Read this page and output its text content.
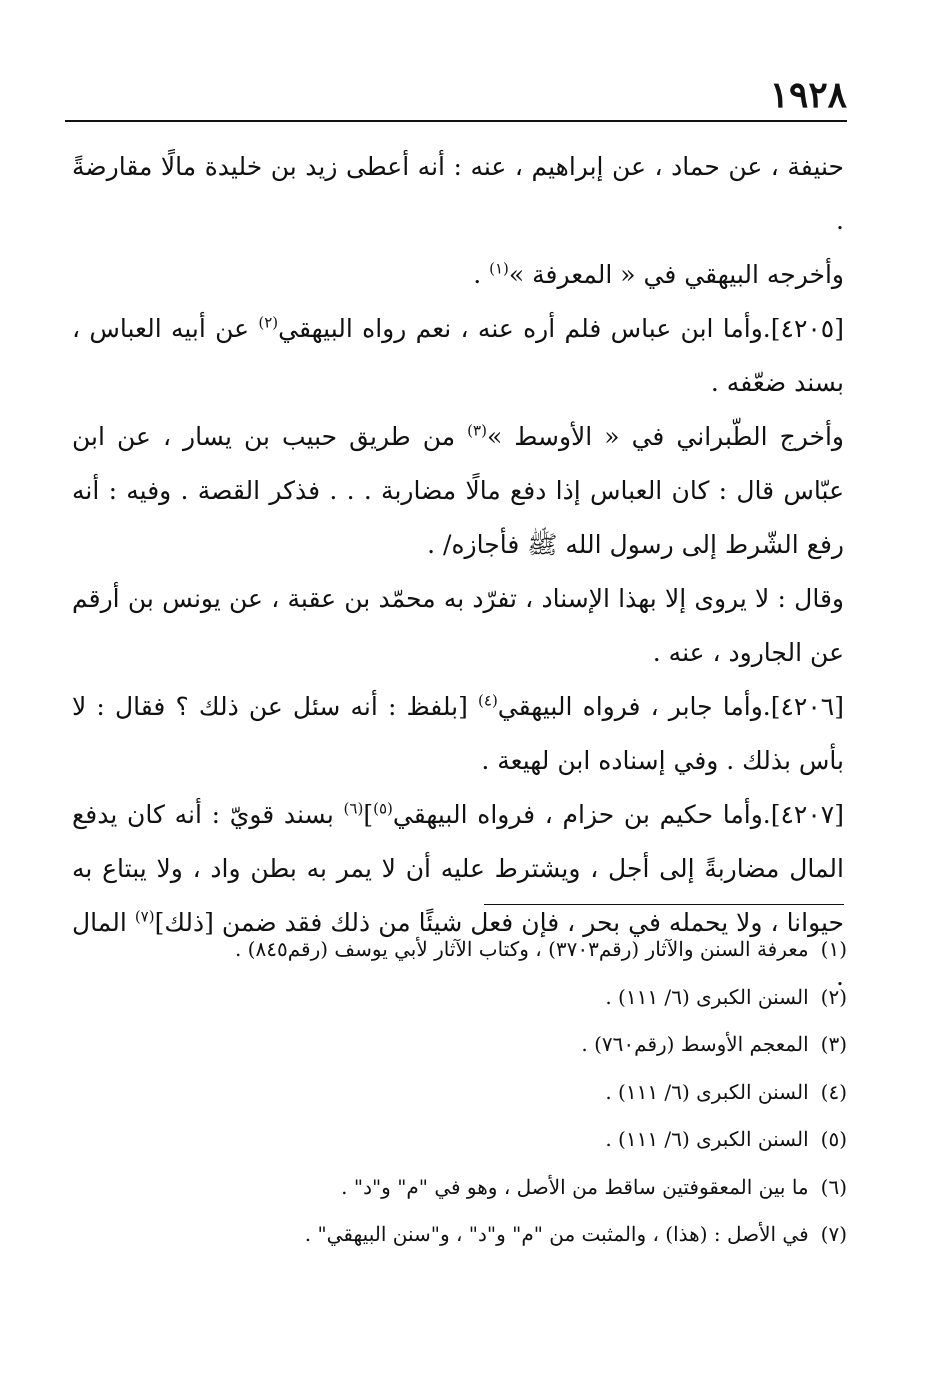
١٩٢٨

حنيفة ، عن حماد ، عن إبراهيم ، عنه : أنه أعطى زيد بن خليدة مالًا مقارضةً .

وأخرجه البيهقي في « المعرفة »$^{(١)}$ .

[٤٢٠٥].وأما ابن عباس فلم أره عنه ، نعم رواه البيهقي$^{(٢)}$ عن أبيه العباس ، بسند ضعّفه .

وأخرج الطّبراني في « الأوسط »$^{(٣)}$ من طريق حبيب بن يسار ، عن ابن عبّاس قال : كان العباس إذا دفع مالًا مضاربة . . . فذكر القصة . وفيه : أنه رفع الشّرط إلى رسول الله ﷺ فأجازه/ .

وقال : لا يروى إلا بهذا الإسناد ، تفرّد به محمّد بن عقبة ، عن يونس بن أرقم عن الجارود ، عنه .

[٤٢٠٦].وأما جابر ، فرواه البيهقي$^{(٤)}$ [بلفظ : أنه سئل عن ذلك ؟ فقال : لا بأس بذلك . وفي إسناده ابن لهيعة .

[٤٢٠٧].وأما حكيم بن حزام ، فرواه البيهقي$^{(٥)}$]$^{(٦)}$ بسند قويّ : أنه كان يدفع المال مضاربةً إلى أجل ، ويشترط عليه أن لا يمر به بطن واد ، ولا يبتاع به حيوانا ، ولا يحمله في بحر ، فإن فعل شيئًا من ذلك فقد ضمن [ذلك]$^{(٧)}$ المال .

(١) معرفة السنن والآثار (رقم٣٧٠٣) ، وكتاب الآثار لأبي يوسف (رقم٨٤٥) .

(٢) السنن الكبرى (٦/ ١١١) .

(٣) المعجم الأوسط (رقم٧٦٠) .

(٤) السنن الكبرى (٦/ ١١١) .

(٥) السنن الكبرى (٦/ ١١١) .

(٦) ما بين المعقوفتين ساقط من الأصل ، وهو في "م" و"د" .

(٧) في الأصل : (هذا) ، والمثبت من "م" و"د" ، و"سنن البيهقي" .
